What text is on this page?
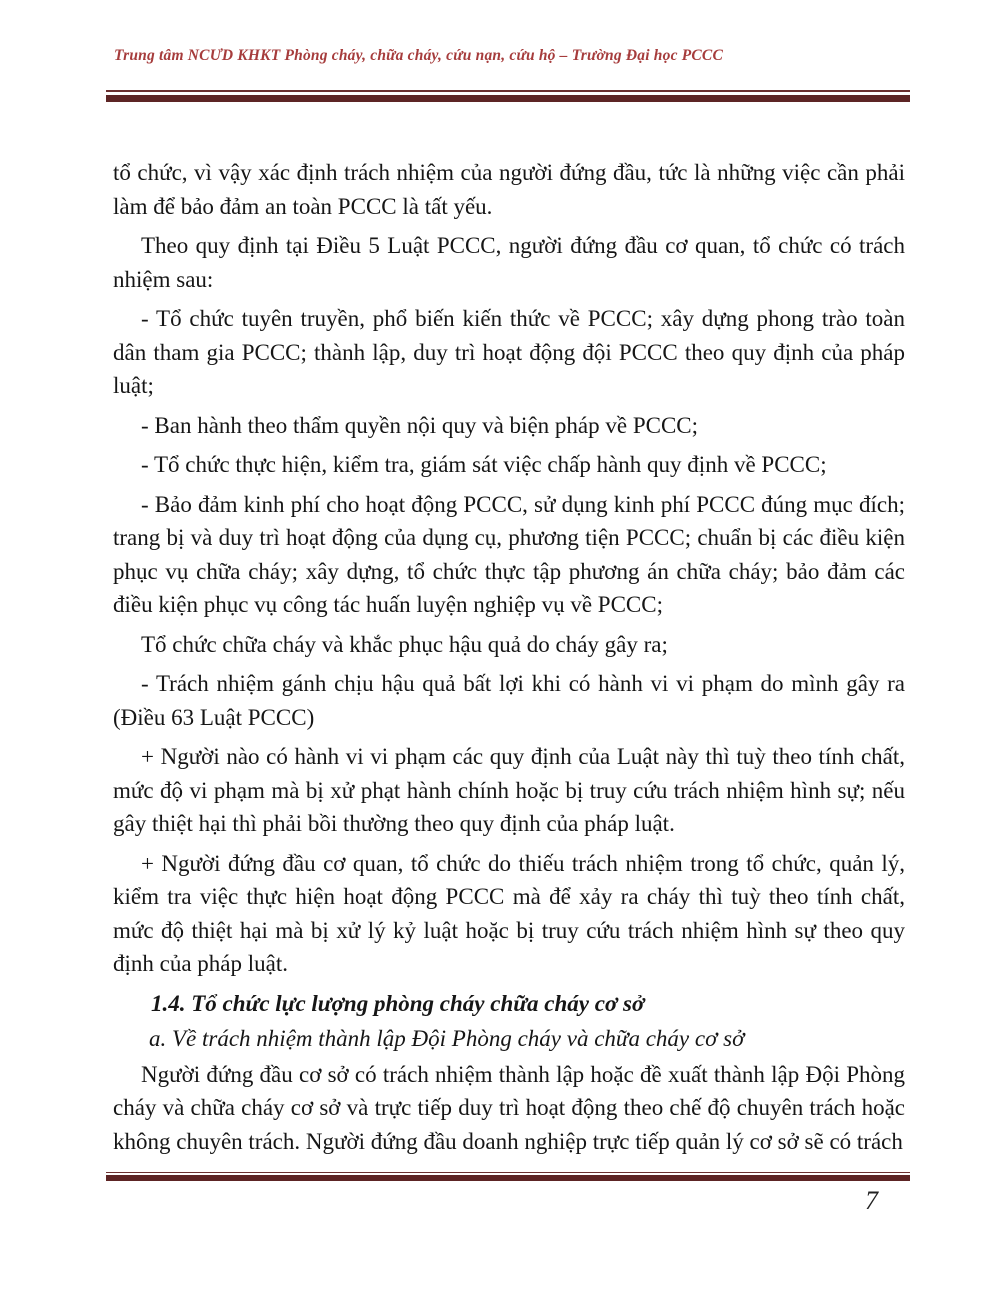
Trung tâm NCƯD KHKT Phòng cháy, chữa cháy, cứu nạn, cứu hộ – Trường Đại học PCCC

tổ chức, vì vậy xác định trách nhiệm của người đứng đầu, tức là những việc cần phải làm để bảo đảm an toàn PCCC là tất yếu.

Theo quy định tại Điều 5 Luật PCCC, người đứng đầu cơ quan, tổ chức có trách nhiệm sau:

- Tổ chức tuyên truyền, phổ biến kiến thức về PCCC; xây dựng phong trào toàn dân tham gia PCCC; thành lập, duy trì hoạt động đội PCCC theo quy định của pháp luật;

- Ban hành theo thẩm quyền nội quy và biện pháp về PCCC;

- Tổ chức thực hiện, kiểm tra, giám sát việc chấp hành quy định về PCCC;

- Bảo đảm kinh phí cho hoạt động PCCC, sử dụng kinh phí PCCC đúng mục đích; trang bị và duy trì hoạt động của dụng cụ, phương tiện PCCC; chuẩn bị các điều kiện phục vụ chữa cháy; xây dựng, tổ chức thực tập phương án chữa cháy; bảo đảm các điều kiện phục vụ công tác huấn luyện nghiệp vụ về PCCC;

Tổ chức chữa cháy và khắc phục hậu quả do cháy gây ra;

- Trách nhiệm gánh chịu hậu quả bất lợi khi có hành vi vi phạm do mình gây ra (Điều 63 Luật PCCC)

+ Người nào có hành vi vi phạm các quy định của Luật này thì tuỳ theo tính chất, mức độ vi phạm mà bị xử phạt hành chính hoặc bị truy cứu trách nhiệm hình sự; nếu gây thiệt hại thì phải bồi thường theo quy định của pháp luật.

+ Người đứng đầu cơ quan, tổ chức do thiếu trách nhiệm trong tổ chức, quản lý, kiểm tra việc thực hiện hoạt động PCCC mà để xảy ra cháy thì tuỳ theo tính chất, mức độ thiệt hại mà bị xử lý kỷ luật hoặc bị truy cứu trách nhiệm hình sự theo quy định của pháp luật.

1.4. Tổ chức lực lượng phòng cháy chữa cháy cơ sở

a. Về trách nhiệm thành lập Đội Phòng cháy và chữa cháy cơ sở

Người đứng đầu cơ sở có trách nhiệm thành lập hoặc đề xuất thành lập Đội Phòng cháy và chữa cháy cơ sở và trực tiếp duy trì hoạt động theo chế độ chuyên trách hoặc không chuyên trách. Người đứng đầu doanh nghiệp trực tiếp quản lý cơ sở sẽ có trách

7
